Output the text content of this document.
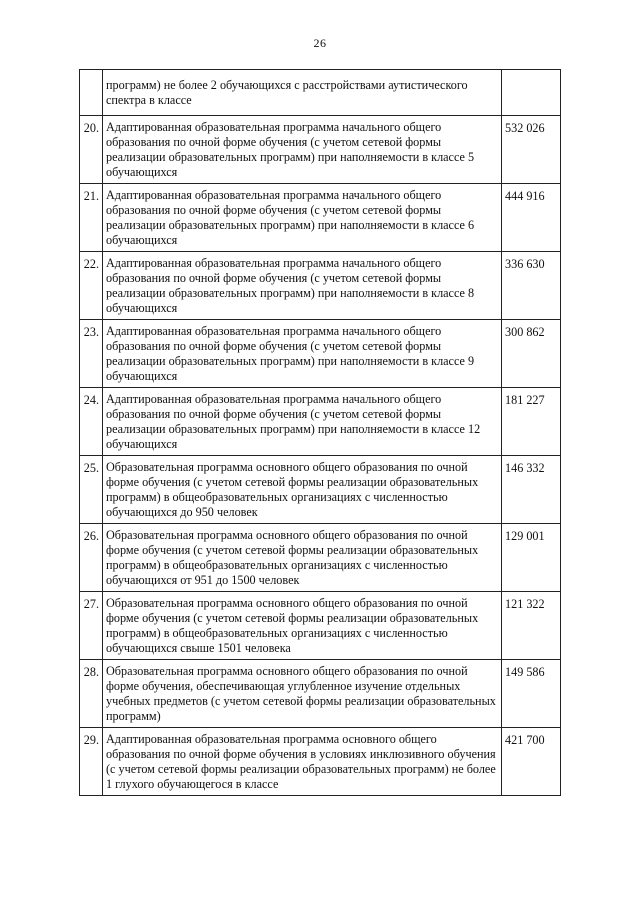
26
	программ) не более 2 обучающихся с расстройствами аутистического спектра в классе	
20.	Адаптированная образовательная программа начального общего образования по очной форме обучения (с учетом сетевой формы реализации образовательных программ) при наполняемости в классе 5 обучающихся	532 026
21.	Адаптированная образовательная программа начального общего образования по очной форме обучения (с учетом сетевой формы реализации образовательных программ) при наполняемости в классе 6 обучающихся	444 916
22.	Адаптированная образовательная программа начального общего образования по очной форме обучения (с учетом сетевой формы реализации образовательных программ) при наполняемости в классе 8 обучающихся	336 630
23.	Адаптированная образовательная программа начального общего образования по очной форме обучения (с учетом сетевой формы реализации образовательных программ) при наполняемости в классе 9 обучающихся	300 862
24.	Адаптированная образовательная программа начального общего образования по очной форме обучения (с учетом сетевой формы реализации образовательных программ) при наполняемости в классе 12 обучающихся	181 227
25.	Образовательная программа основного общего образования по очной форме обучения (с учетом сетевой формы реализации образовательных программ) в общеобразовательных организациях с численностью обучающихся до 950 человек	146 332
26.	Образовательная программа основного общего образования по очной форме обучения (с учетом сетевой формы реализации образовательных программ) в общеобразовательных организациях с численностью обучающихся от 951 до 1500 человек	129 001
27.	Образовательная программа основного общего образования по очной форме обучения (с учетом сетевой формы реализации образовательных программ) в общеобразовательных организациях с численностью обучающихся свыше 1501 человека	121 322
28.	Образовательная программа основного общего образования по очной форме обучения, обеспечивающая углубленное изучение отдельных учебных предметов (с учетом сетевой формы реализации образовательных программ)	149 586
29.	Адаптированная образовательная программа основного общего образования по очной форме обучения в условиях инклюзивного обучения (с учетом сетевой формы реализации образовательных программ) не более 1 глухого обучающегося в классе	421 700
